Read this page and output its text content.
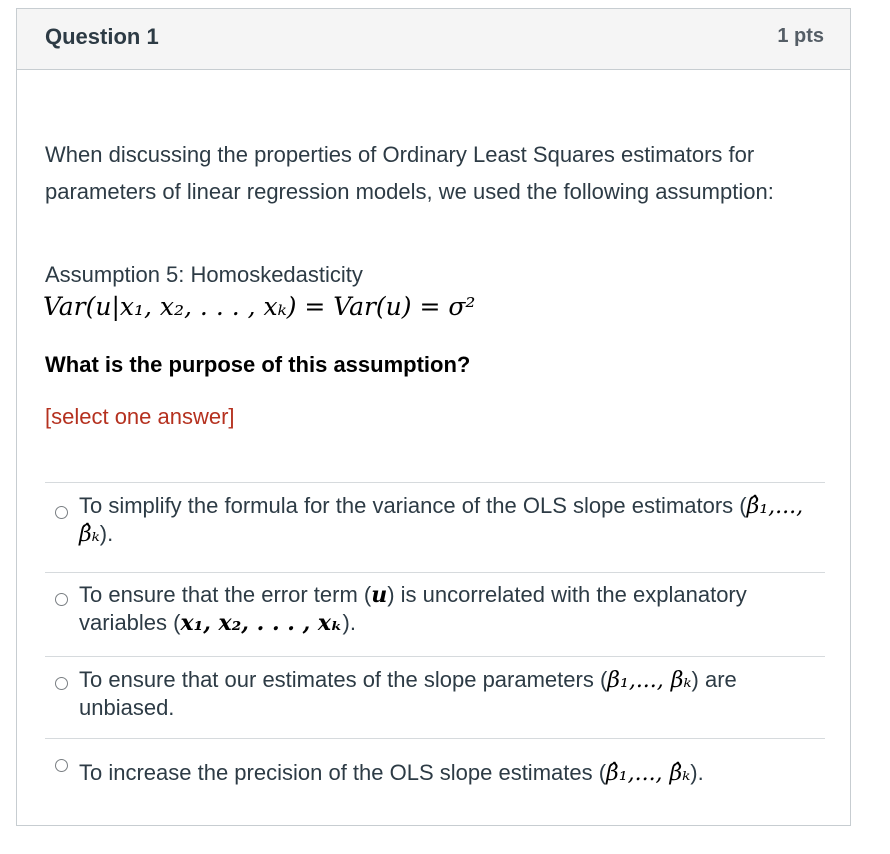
Question 1	1 pts

When discussing the properties of Ordinary Least Squares estimators for parameters of linear regression models, we used the following assumption:

Assumption 5: Homoskedasticity
Var(u|x₁, x₂, . . . , xₖ) = Var(u) = σ²
What is the purpose of this assumption?
[select one answer]
To simplify the formula for the variance of the OLS slope estimators (β̂₁,..., β̂ₖ).
To ensure that the error term (u) is uncorrelated with the explanatory variables (x₁, x₂, . . . , xₖ).
To ensure that our estimates of the slope parameters (β₁,..., βₖ) are unbiased.
To increase the precision of the OLS slope estimates (β̂₁,..., β̂ₖ).
